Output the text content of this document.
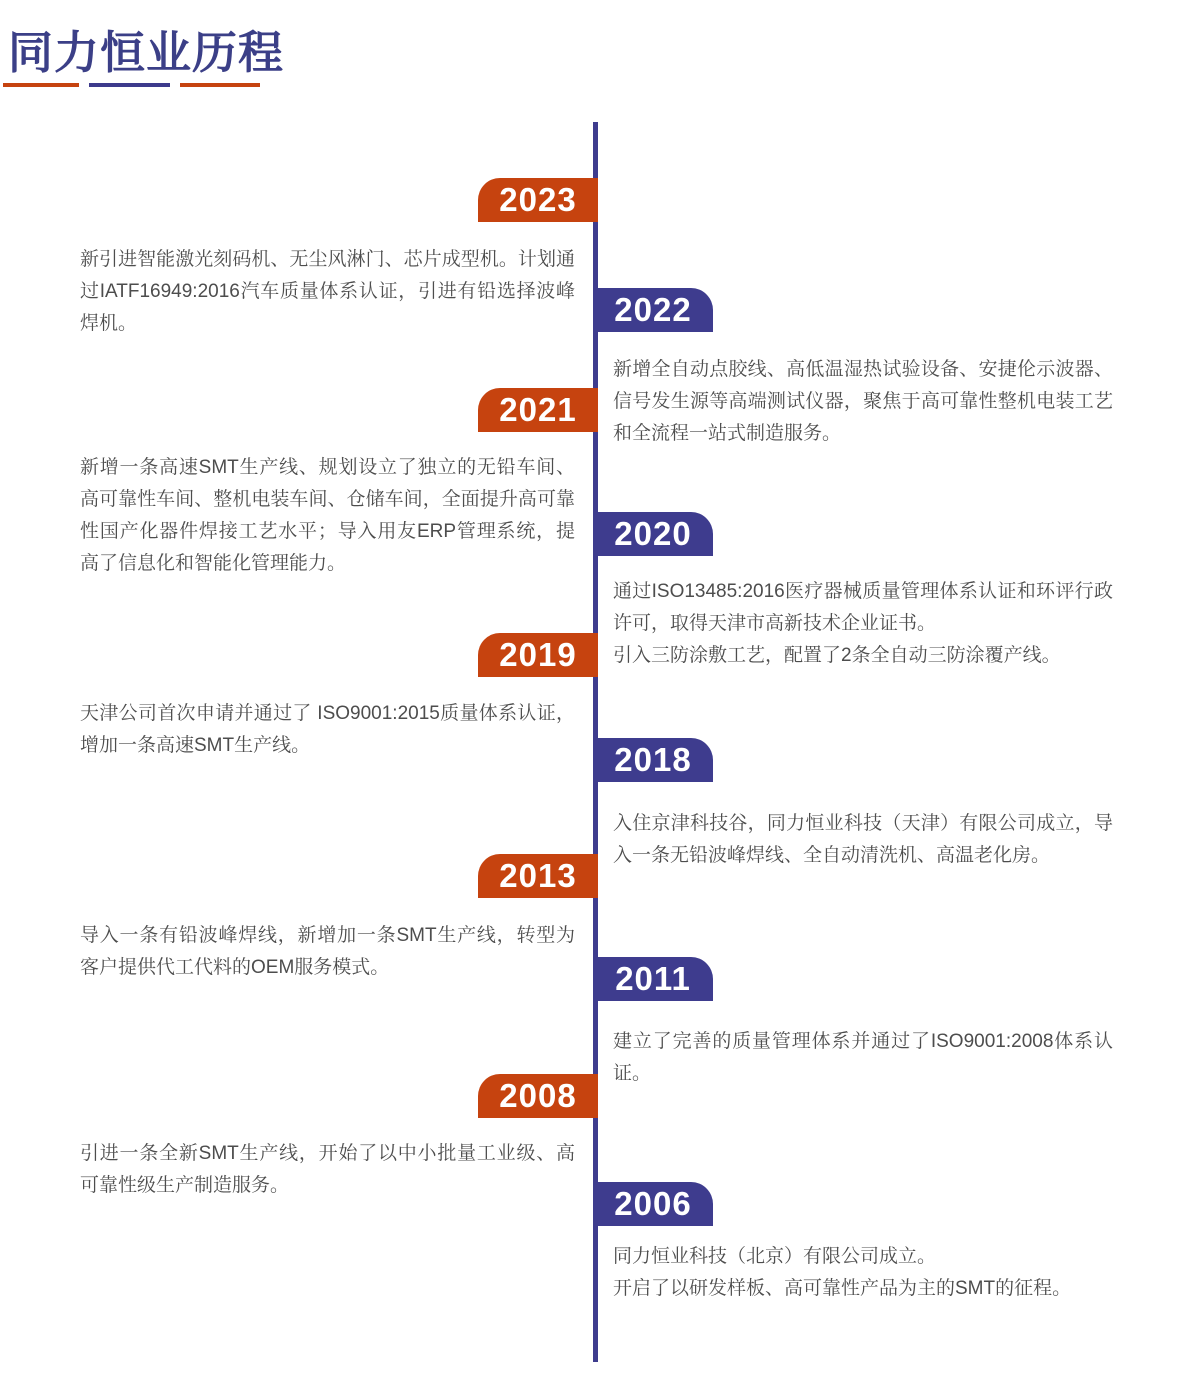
同力恒业历程
2023
新引进智能激光刻码机、无尘风淋门、芯片成型机。计划通过IATF16949:2016汽车质量体系认证，引进有铅选择波峰焊机。	2022
新增全自动点胶线、高低温湿热试验设备、安捷伦示波器、信号发生源等高端测试仪器，聚焦于高可靠性整机电装工艺和全流程一站式制造服务。
2021
新增一条高速SMT生产线、规划设立了独立的无铅车间、高可靠性车间、整机电装车间、仓储车间，全面提升高可靠性国产化器件焊接工艺水平；导入用友ERP管理系统，提高了信息化和智能化管理能力。
2020

通过ISO13485:2016医疗器械质量管理体系认证和环评行政许可，取得天津市高新技术企业证书。

引入三防涂敷工艺，配置了2条全自动三防涂覆产线。

2019
天津公司首次申请并通过了 ISO9001:2015质量体系认证，增加一条高速SMT生产线。	2018
入住京津科技谷，同力恒业科技（天津）有限公司成立，导入一条无铅波峰焊线、全自动清洗机、高温老化房。
2013
导入一条有铅波峰焊线，新增加一条SMT生产线，转型为客户提供代工代料的OEM服务模式。	2011
建立了完善的质量管理体系并通过了ISO9001:2008体系认证。
2008
引进一条全新SMT生产线，开始了以中小批量工业级、高可靠性级生产制造服务。	2006

同力恒业科技（北京）有限公司成立。

开启了以研发样板、高可靠性产品为主的SMT的征程。
